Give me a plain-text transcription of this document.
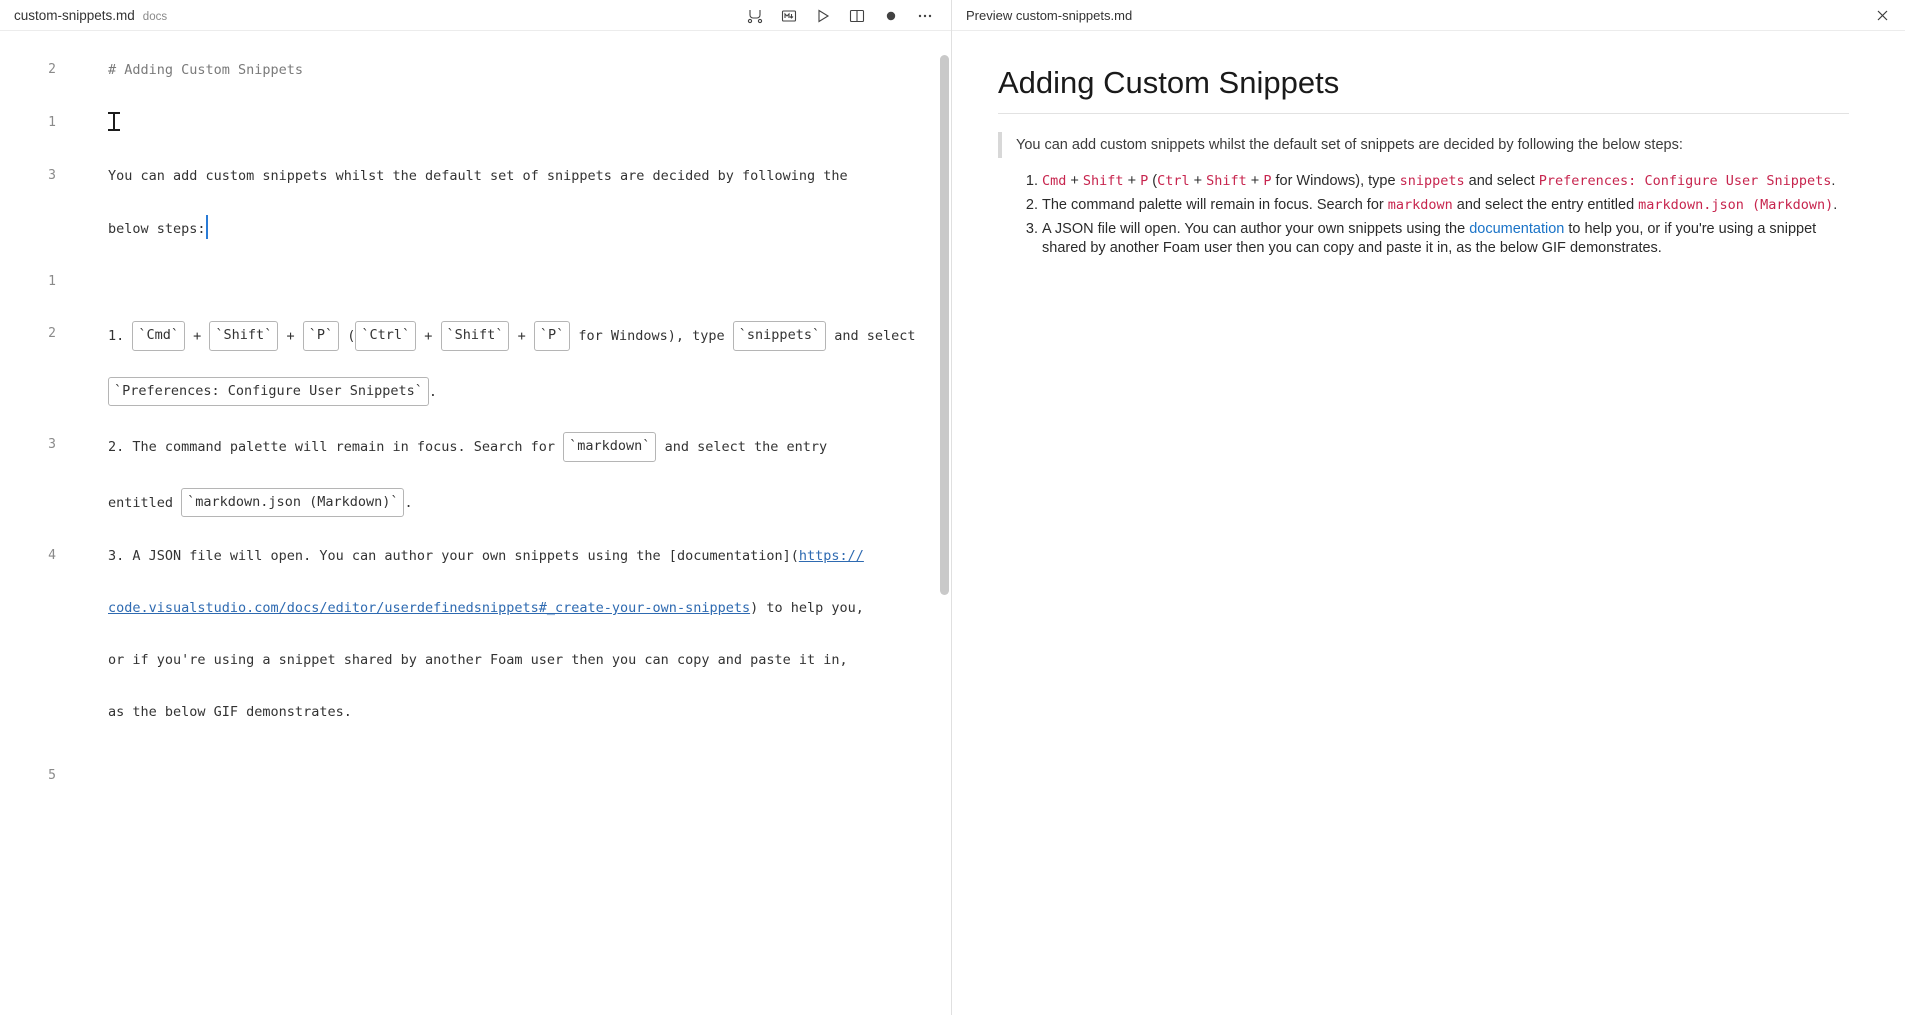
custom-snippets.md docs
2	# Adding Custom Snippets
1
3	You can add custom snippets whilst the default set of snippets are decided by following the
below steps:
1
2	1. `Cmd` + `Shift` + `P` ( `Ctrl` + `Shift` + `P` for Windows), type `snippets` and select
`Preferences: Configure User Snippets` .
3	2. The command palette will remain in focus. Search for `markdown` and select the entry
entitled `markdown.json (Markdown)` .
4	3. A JSON file will open. You can author your own snippets using the [documentation](https://
code.visualstudio.com/docs/editor/userdefinedsnippets#_create-your-own-snippets) to help you,
or if you're using a snippet shared by another Foam user then you can copy and paste it in,
as the below GIF demonstrates.
5
Preview custom-snippets.md
Adding Custom Snippets
You can add custom snippets whilst the default set of snippets are decided by following the below steps:
1. Cmd + Shift + P (Ctrl + Shift + P for Windows), type snippets and select Preferences: Configure User Snippets.
2. The command palette will remain in focus. Search for markdown and select the entry entitled markdown.json (Markdown).
3. A JSON file will open. You can author your own snippets using the documentation to help you, or if you're using a snippet shared by another Foam user then you can copy and paste it in, as the below GIF demonstrates.
